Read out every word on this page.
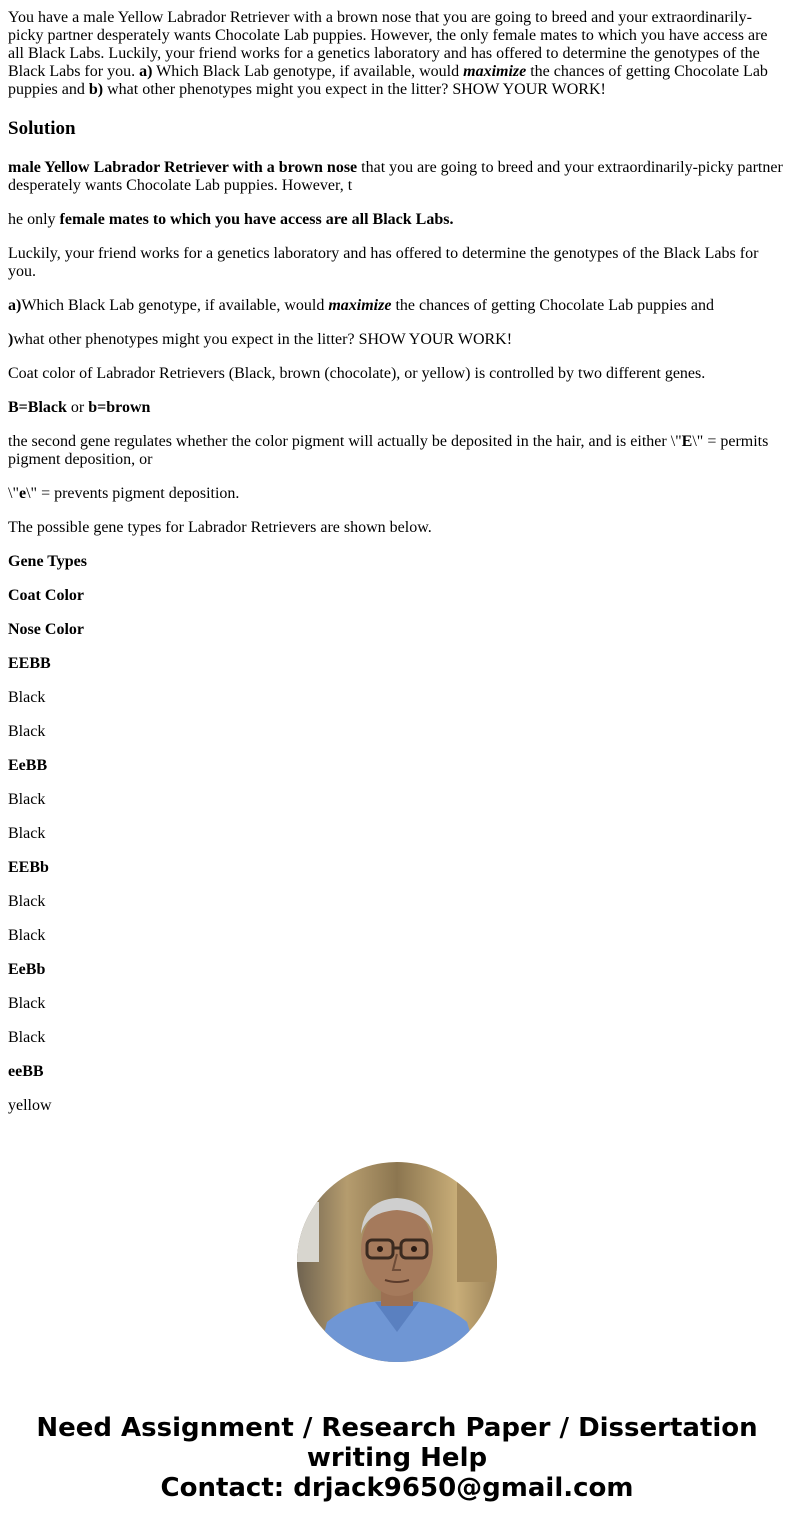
You have a male Yellow Labrador Retriever with a brown nose that you are going to breed and your extraordinarily-picky partner desperately wants Chocolate Lab puppies. However, the only female mates to which you have access are all Black Labs. Luckily, your friend works for a genetics laboratory and has offered to determine the genotypes of the Black Labs for you. a) Which Black Lab genotype, if available, would maximize the chances of getting Chocolate Lab puppies and b) what other phenotypes might you expect in the litter? SHOW YOUR WORK!

Solution

male Yellow Labrador Retriever with a brown nose that you are going to breed and your extraordinarily-picky partner desperately wants Chocolate Lab puppies. However, t

he only female mates to which you have access are all Black Labs.

Luckily, your friend works for a genetics laboratory and has offered to determine the genotypes of the Black Labs for you.

a)Which Black Lab genotype, if available, would maximize the chances of getting Chocolate Lab puppies and

)what other phenotypes might you expect in the litter? SHOW YOUR WORK!

Coat color of Labrador Retrievers (Black, brown (chocolate), or yellow) is controlled by two different genes.

B=Black or b=brown

the second gene regulates whether the color pigment will actually be deposited in the hair, and is either \"E\" = permits pigment deposition, or

\"e\" = prevents pigment deposition.

The possible gene types for Labrador Retrievers are shown below.

Gene Types

Coat Color

Nose Color

EEBB

Black

Black

EeBB

Black

Black

EEBb

Black

Black

EeBb

Black

Black

eeBB

yellow

Need Assignment / Research Paper / Dissertation
writing Help
Contact: drjack9650@gmail.com
